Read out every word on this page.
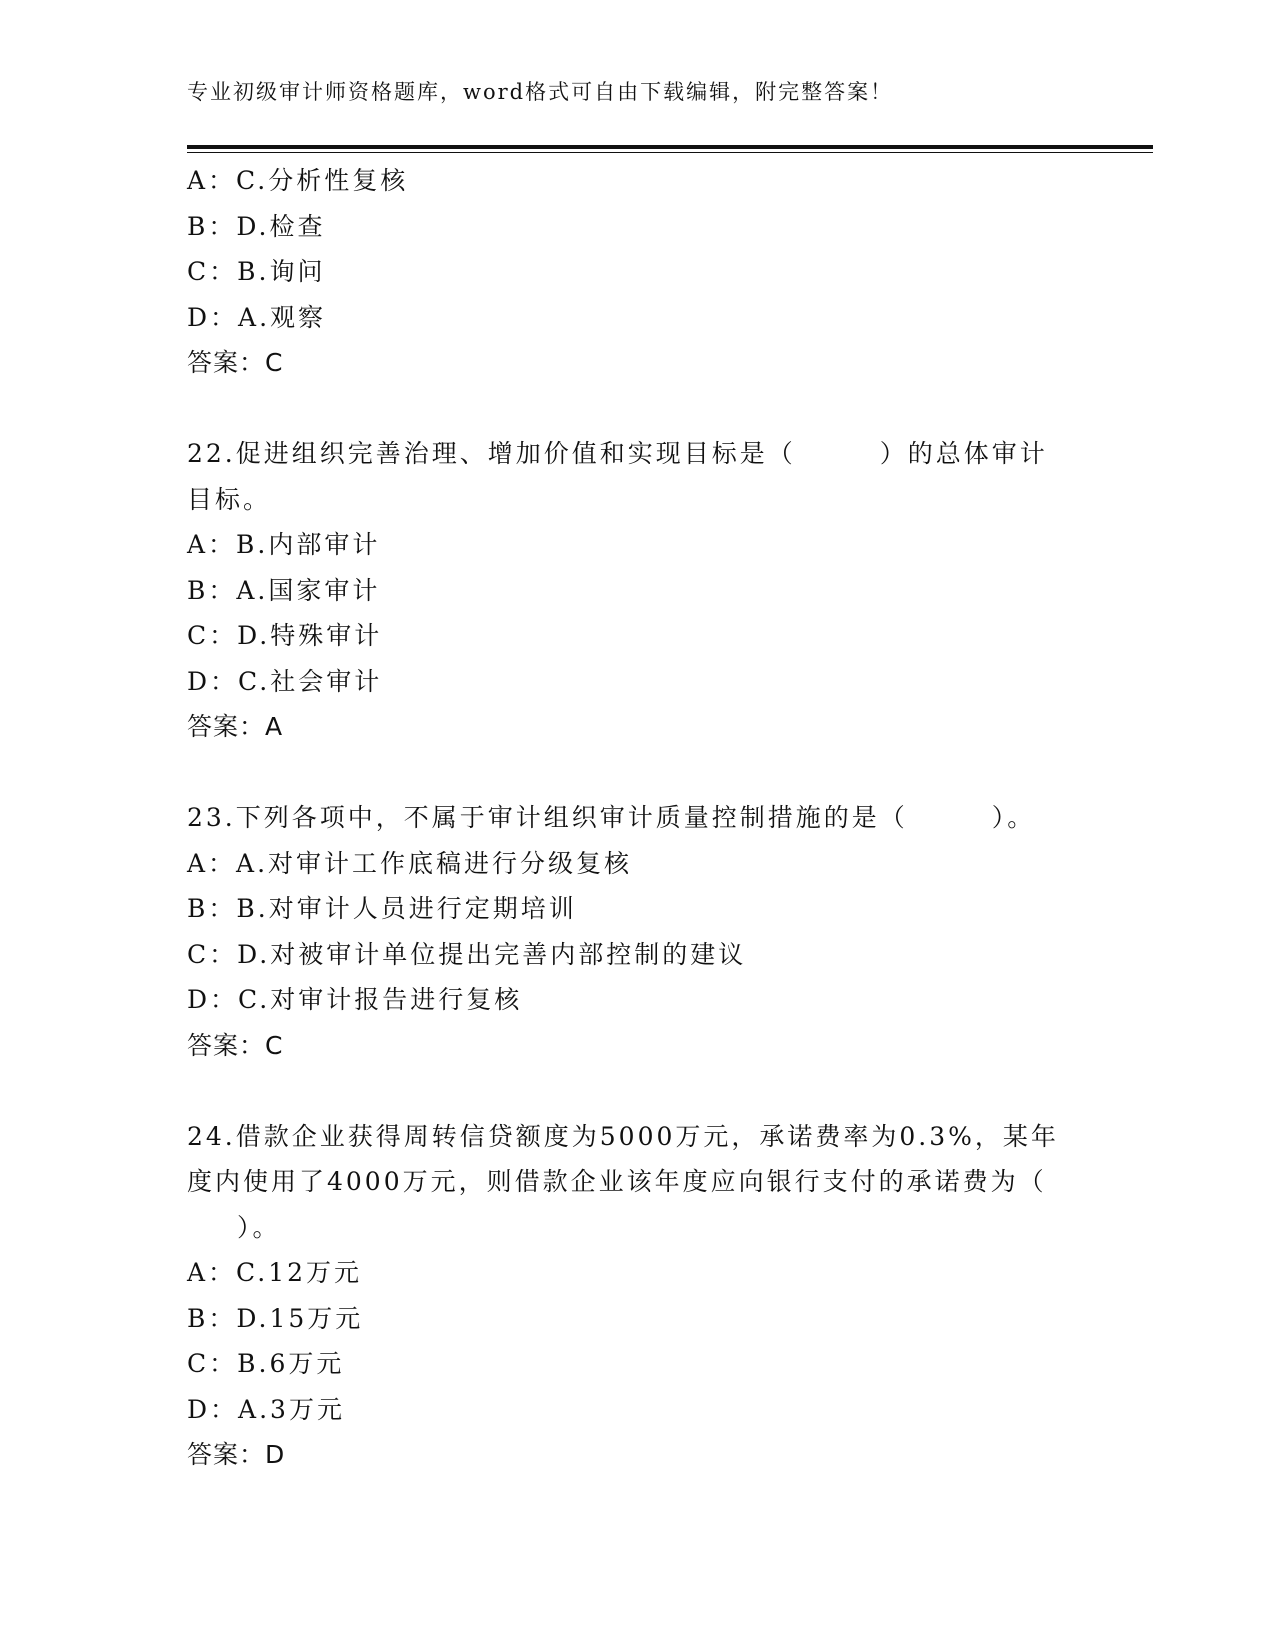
专业初级审计师资格题库，word格式可自由下载编辑，附完整答案！
A：C.分析性复核
B：D.检查
C：B.询问
D：A.观察
答案：C
22.促进组织完善治理、增加价值和实现目标是（　　　）的总体审计
目标。
A：B.内部审计
B：A.国家审计
C：D.特殊审计
D：C.社会审计
答案：A
23.下列各项中，不属于审计组织审计质量控制措施的是（　　　）。
A：A.对审计工作底稿进行分级复核
B：B.对审计人员进行定期培训
C：D.对被审计单位提出完善内部控制的建议
D：C.对审计报告进行复核
答案：C
24.借款企业获得周转信贷额度为5000万元，承诺费率为0.3%，某年
度内使用了4000万元，则借款企业该年度应向银行支付的承诺费为（
）。
A：C.12万元
B：D.15万元
C：B.6万元
D：A.3万元
答案：D
